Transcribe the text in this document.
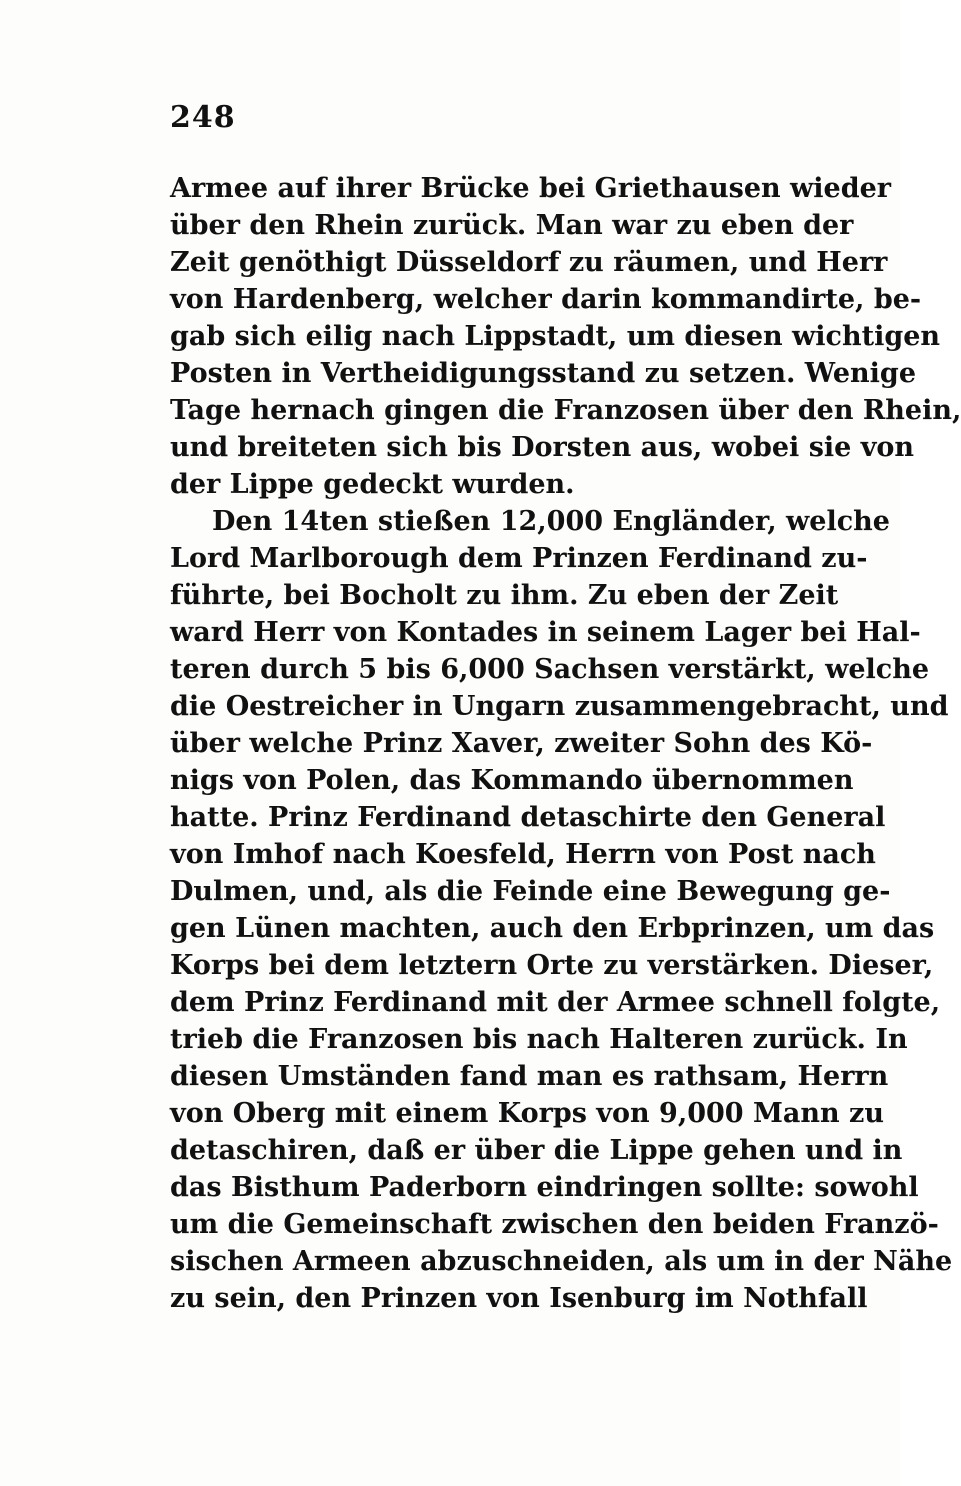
248

Armee auf ihrer Brücke bei Griethausen wieder
über den Rhein zurück. Man war zu eben der
Zeit genöthigt Düsseldorf zu räumen, und Herr
von Hardenberg, welcher darin kommandirte, be-
gab sich eilig nach Lippstadt, um diesen wichtigen
Posten in Vertheidigungsstand zu setzen. Wenige
Tage hernach gingen die Franzosen über den Rhein,
und breiteten sich bis Dorsten aus, wobei sie von
der Lippe gedeckt wurden.

Den 14ten stießen 12,000 Engländer, welche
Lord Marlborough dem Prinzen Ferdinand zu-
führte, bei Bocholt zu ihm. Zu eben der Zeit
ward Herr von Kontades in seinem Lager bei Hal-
teren durch 5 bis 6,000 Sachsen verstärkt, welche
die Oestreicher in Ungarn zusammengebracht, und
über welche Prinz Xaver, zweiter Sohn des Kö-
nigs von Polen, das Kommando übernommen
hatte. Prinz Ferdinand detaschirte den General
von Imhof nach Koesfeld, Herrn von Post nach
Dulmen, und, als die Feinde eine Bewegung ge-
gen Lünen machten, auch den Erbprinzen, um das
Korps bei dem letztern Orte zu verstärken. Dieser,
dem Prinz Ferdinand mit der Armee schnell folgte,
trieb die Franzosen bis nach Halteren zurück. In
diesen Umständen fand man es rathsam, Herrn
von Oberg mit einem Korps von 9,000 Mann zu
detaschiren, daß er über die Lippe gehen und in
das Bisthum Paderborn eindringen sollte: sowohl
um die Gemeinschaft zwischen den beiden Franzö-
sischen Armeen abzuschneiden, als um in der Nähe
zu sein, den Prinzen von Isenburg im Nothfall
